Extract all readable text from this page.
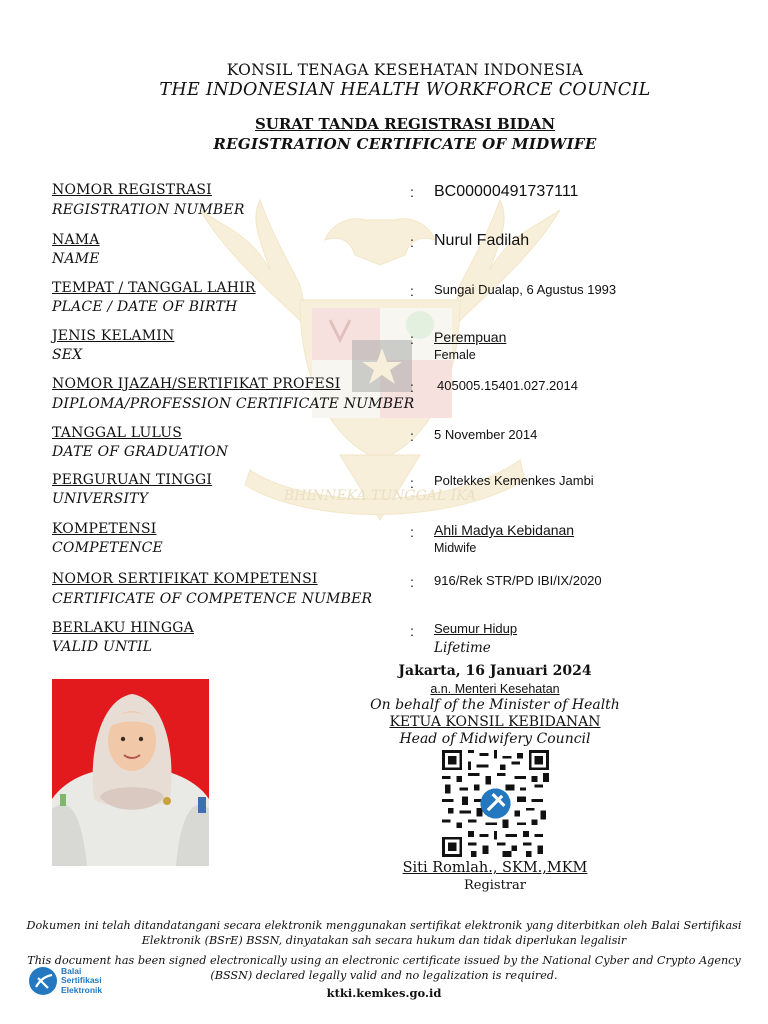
BHINNEKA TUNGGAL IKA
KONSIL TENAGA KESEHATAN INDONESIA
THE INDONESIAN HEALTH WORKFORCE COUNCIL
SURAT TANDA REGISTRASI BIDAN
REGISTRATION CERTIFICATE OF MIDWIFE
NOMOR REGISTRASI
REGISTRATION NUMBER
: BC00000491737111
NAMA
NAME
: Nurul Fadilah
TEMPAT / TANGGAL LAHIR
PLACE / DATE OF BIRTH
: Sungai Dualap, 6 Agustus 1993
JENIS KELAMIN
SEX
: Perempuan
Female
NOMOR IJAZAH/SERTIFIKAT PROFESI
DIPLOMA/PROFESSION CERTIFICATE NUMBER
: 405005.15401.027.2014
TANGGAL LULUS
DATE OF GRADUATION
: 5 November 2014
PERGURUAN TINGGI
UNIVERSITY
: Poltekkes Kemenkes Jambi
KOMPETENSI
COMPETENCE
: Ahli Madya Kebidanan
Midwife
NOMOR SERTIFIKAT KOMPETENSI
CERTIFICATE OF COMPETENCE NUMBER
: 916/Rek STR/PD IBI/IX/2020
BERLAKU HINGGA
VALID UNTIL
: Seumur Hidup
Lifetime
Jakarta, 16 Januari 2024
a.n. Menteri Kesehatan
On behalf of the Minister of Health
KETUA KONSIL KEBIDANAN
Head of Midwifery Council
Siti Romlah., SKM.,MKM
Registrar
Dokumen ini telah ditandatangani secara elektronik menggunakan sertifikat elektronik yang diterbitkan oleh Balai Sertifikasi
Elektronik (BSrE) BSSN, dinyatakan sah secara hukum dan tidak diperlukan legalisir
This document has been signed electronically using an electronic certificate issued by the National Cyber and Crypto Agency
(BSSN) declared legally valid and no legalization is required.
Balai
Sertifikasi
Elektronik	ktki.kemkes.go.id
